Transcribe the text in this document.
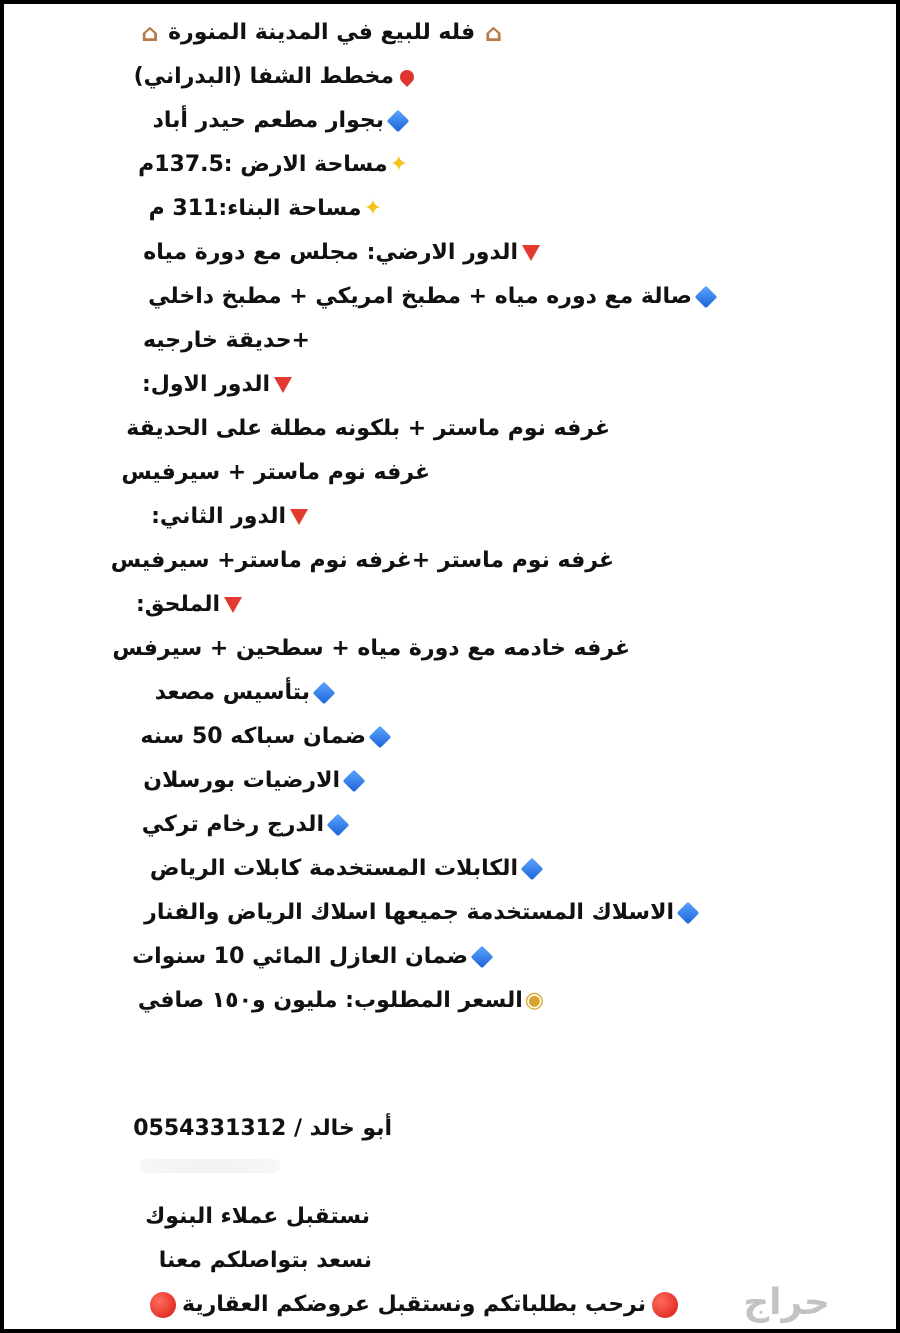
⌂ فله للبيع في المدينة المنورة ⌂
مخطط الشفا (البدراني)
بجوار مطعم حيدر أباد
✦مساحة الارض :137.5م
✦مساحة البناء:311 م
الدور الارضي: مجلس مع دورة مياه
صالة مع دوره مياه + مطبخ امريكي + مطبخ داخلي
+حديقة خارجيه
الدور الاول:
غرفه نوم ماستر + بلكونه مطلة على الحديقة
غرفه نوم ماستر + سيرفيس
الدور الثاني:
غرفه نوم ماستر +غرفه نوم ماستر+ سيرفيس
الملحق:
غرفه خادمه مع دورة مياه + سطحين + سيرفس
بتأسيس مصعد
ضمان سباكه 50 سنه
الارضيات بورسلان
الدرج رخام تركي
الكابلات المستخدمة كابلات الرياض
الاسلاك المستخدمة جميعها اسلاك الرياض والفنار
ضمان العازل المائي 10 سنوات
◉السعر المطلوب: مليون و١٥٠ صافي
أبو خالد / 0554331312
نستقبل عملاء البنوك
نسعد بتواصلكم معنا
نرحب بطلباتكم ونستقبل عروضكم العقارية	حراج
